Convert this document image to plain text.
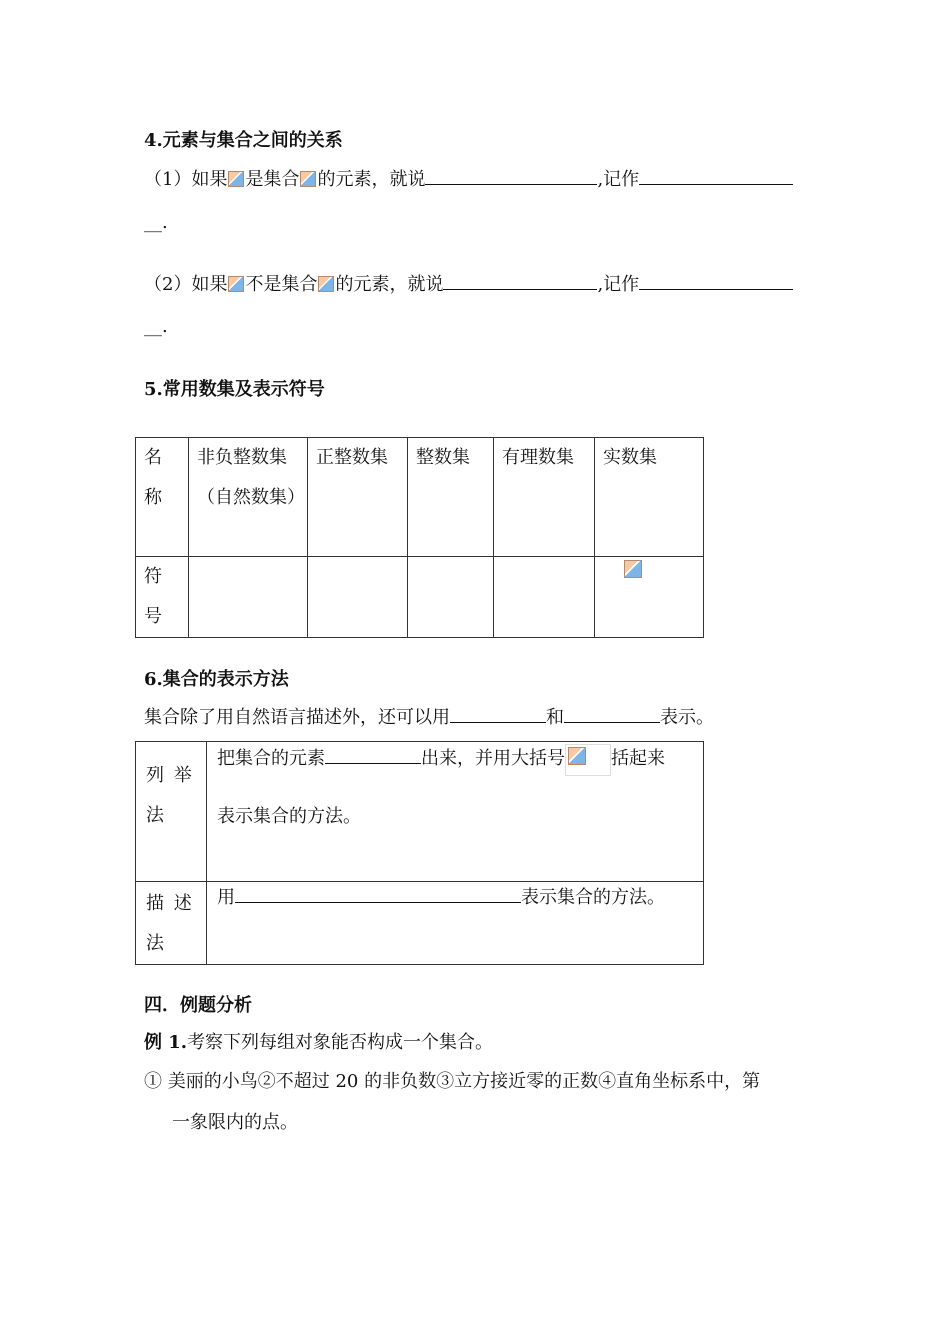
4.元素与集合之间的关系
（1）如果 是集合 的元素，就说	,记作
__.
（2）如果 不是集合 的元素，就说	,记作
__.
5.常用数集及表示符号
名称	非负整数集（自然数集）	正整数集	整数集	有理数集	实数集

符号					

6.集合的表示方法
集合除了用自然语言描述外，还可以用	和	表示。
列 举 法	把集合的元素 出来，并用大括号 括起来
表示集合的方法。

描 述 法	用 表示集合的方法。
四．例题分析
例 1.考察下列每组对象能否构成一个集合。
① 美丽的小鸟②不超过 20 的非负数③立方接近零的正数④直角坐标系中，第
一象限内的点。
